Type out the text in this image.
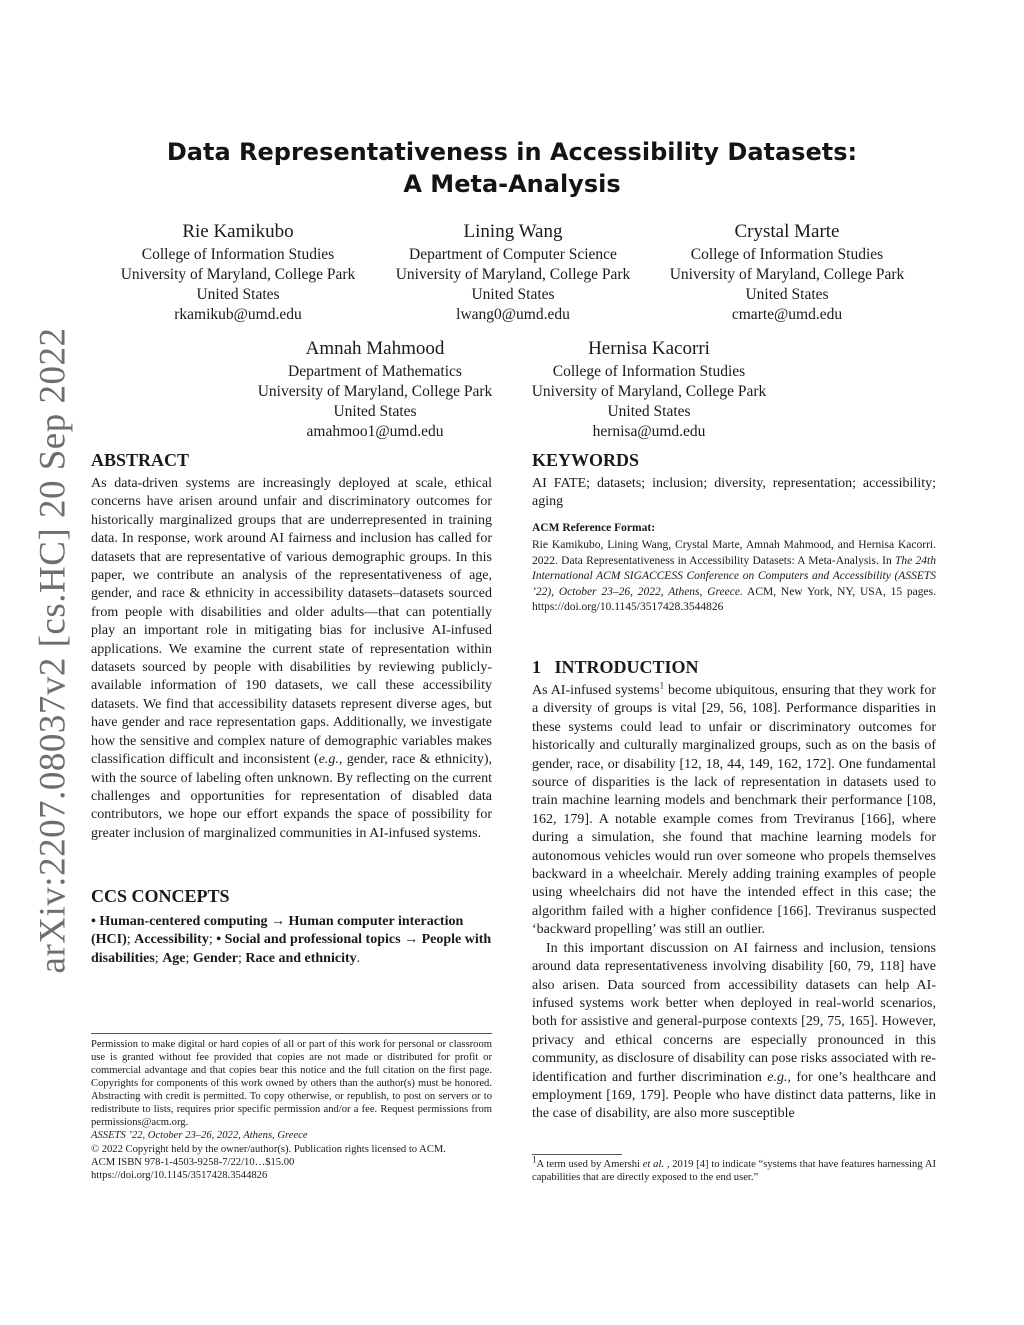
arXiv:2207.08037v2 [cs.HC] 20 Sep 2022
Data Representativeness in Accessibility Datasets:
A Meta-Analysis
Rie Kamikubo
College of Information Studies
University of Maryland, College Park
United States
rkamikub@umd.edu
Lining Wang
Department of Computer Science
University of Maryland, College Park
United States
lwang0@umd.edu
Crystal Marte
College of Information Studies
University of Maryland, College Park
United States
cmarte@umd.edu
Amnah Mahmood
Department of Mathematics
University of Maryland, College Park
United States
amahmoo1@umd.edu
Hernisa Kacorri
College of Information Studies
University of Maryland, College Park
United States
hernisa@umd.edu
ABSTRACT

As data-driven systems are increasingly deployed at scale, ethical concerns have arisen around unfair and discriminatory outcomes for historically marginalized groups that are underrepresented in training data. In response, work around AI fairness and inclusion has called for datasets that are representative of various demographic groups. In this paper, we contribute an analysis of the representativeness of age, gender, and race & ethnicity in accessibility datasets–datasets sourced from people with disabilities and older adults—that can potentially play an important role in mitigating bias for inclusive AI-infused applications. We examine the current state of representation within datasets sourced by people with disabilities by reviewing publicly-available information of 190 datasets, we call these accessibility datasets. We find that accessibility datasets represent diverse ages, but have gender and race representation gaps. Additionally, we investigate how the sensitive and complex nature of demographic variables makes classification difficult and inconsistent (e.g., gender, race & ethnicity), with the source of labeling often unknown. By reflecting on the current challenges and opportunities for representation of disabled data contributors, we hope our effort expands the space of possibility for greater inclusion of marginalized communities in AI-infused systems.

CCS CONCEPTS

• Human-centered computing → Human computer interaction (HCI); Accessibility; • Social and professional topics → People with disabilities; Age; Gender; Race and ethnicity.

Permission to make digital or hard copies of all or part of this work for personal or classroom use is granted without fee provided that copies are not made or distributed for profit or commercial advantage and that copies bear this notice and the full citation on the first page. Copyrights for components of this work owned by others than the author(s) must be honored. Abstracting with credit is permitted. To copy otherwise, or republish, to post on servers or to redistribute to lists, requires prior specific permission and/or a fee. Request permissions from permissions@acm.org.

ASSETS ’22, October 23–26, 2022, Athens, Greece

© 2022 Copyright held by the owner/author(s). Publication rights licensed to ACM.

ACM ISBN 978-1-4503-9258-7/22/10…$15.00

https://doi.org/10.1145/3517428.3544826

KEYWORDS

AI FATE; datasets; inclusion; diversity, representation; accessibility; aging

ACM Reference Format:

Rie Kamikubo, Lining Wang, Crystal Marte, Amnah Mahmood, and Hernisa Kacorri. 2022. Data Representativeness in Accessibility Datasets: A Meta-Analysis. In The 24th International ACM SIGACCESS Conference on Computers and Accessibility (ASSETS ’22), October 23–26, 2022, Athens, Greece. ACM, New York, NY, USA, 15 pages. https://doi.org/10.1145/3517428.3544826

1   INTRODUCTION

As AI-infused systems$^1$ become ubiquitous, ensuring that they work for a diversity of groups is vital [29, 56, 108]. Performance disparities in these systems could lead to unfair or discriminatory outcomes for historically and culturally marginalized groups, such as on the basis of gender, race, or disability [12, 18, 44, 149, 162, 172]. One fundamental source of disparities is the lack of representation in datasets used to train machine learning models and benchmark their performance [108, 162, 179]. A notable example comes from Treviranus [166], where during a simulation, she found that machine learning models for autonomous vehicles would run over someone who propels themselves backward in a wheelchair. Merely adding training examples of people using wheelchairs did not have the intended effect in this case; the algorithm failed with a higher confidence [166]. Treviranus suspected ‘backward propelling’ was still an outlier.

In this important discussion on AI fairness and inclusion, tensions around data representativeness involving disability [60, 79, 118] have also arisen. Data sourced from accessibility datasets can help AI-infused systems work better when deployed in real-world scenarios, both for assistive and general-purpose contexts [29, 75, 165]. However, privacy and ethical concerns are especially pronounced in this community, as disclosure of disability can pose risks associated with re-identification and further discrimination e.g., for one’s healthcare and employment [169, 179]. People who have distinct data patterns, like in the case of disability, are also more susceptible

$^1$A term used by Amershi et al. , 2019 [4] to indicate “systems that have features harnessing AI capabilities that are directly exposed to the end user.”
